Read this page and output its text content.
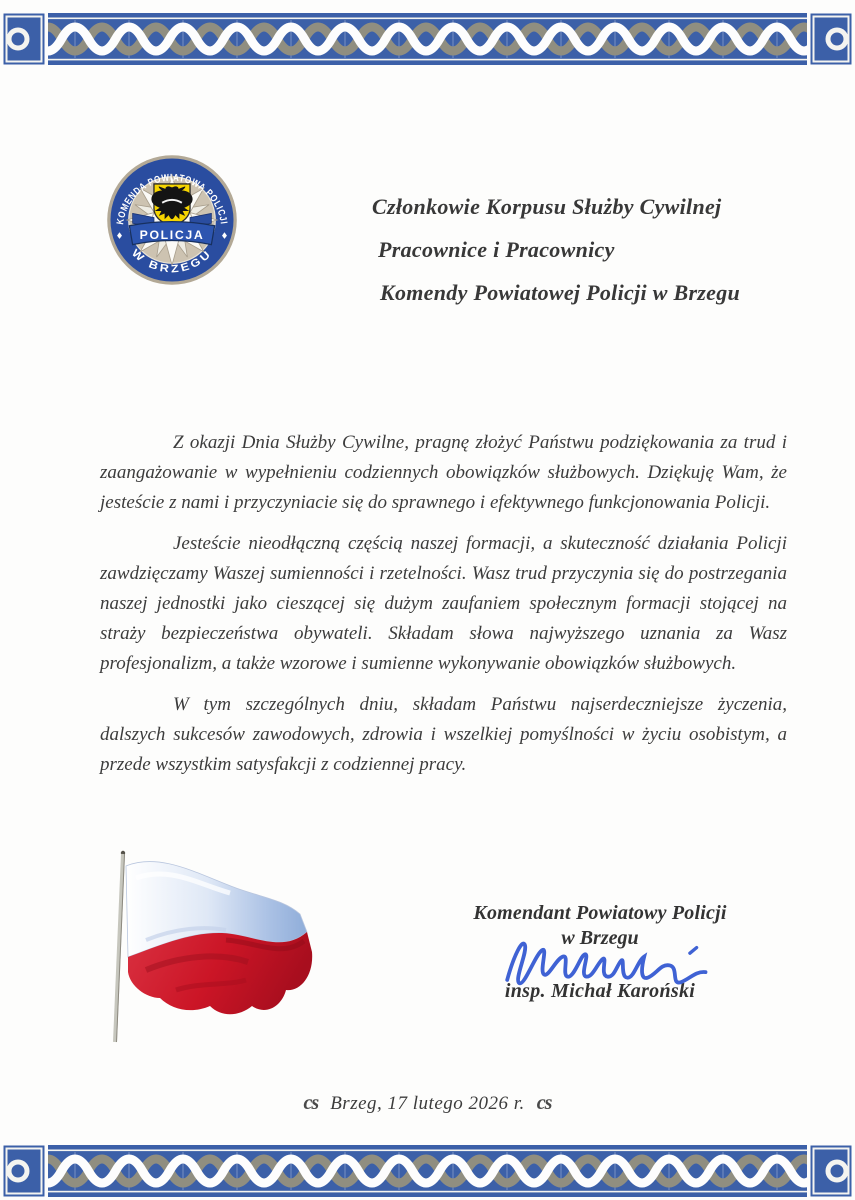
POLICJA
KOMENDA POWIATOWA POLICJI
W BRZEGU
Członkowie Korpusu Służby Cywilnej
Pracownice i Pracownicy
Komendy Powiatowej Policji w Brzegu

Z okazji Dnia Służby Cywilne, pragnę złożyć Państwu podziękowania za trud i zaangażowanie w wypełnieniu codziennych obowiązków służbowych. Dziękuję Wam, że jesteście z nami i przyczyniacie się do sprawnego i efektywnego funkcjonowania Policji.

Jesteście nieodłączną częścią naszej formacji, a skuteczność działania Policji zawdzięczamy Waszej sumienności i rzetelności. Wasz trud przyczynia się do postrzegania naszej jednostki jako cieszącej się dużym zaufaniem społecznym formacji stojącej na straży bezpieczeństwa obywateli. Składam słowa najwyższego uznania za Wasz profesjonalizm, a także wzorowe i sumienne wykonywanie obowiązków służbowych.

W tym szczególnych dniu, składam Państwu najserdeczniejsze życzenia, dalszych sukcesów zawodowych, zdrowia i wszelkiej pomyślności w życiu osobistym, a przede wszystkim satysfakcji z codziennej pracy.

Komendant Powiatowy Policji
w Brzegu
insp. Michał Karoński
cs Brzeg, 17 lutego 2026 r. cs
